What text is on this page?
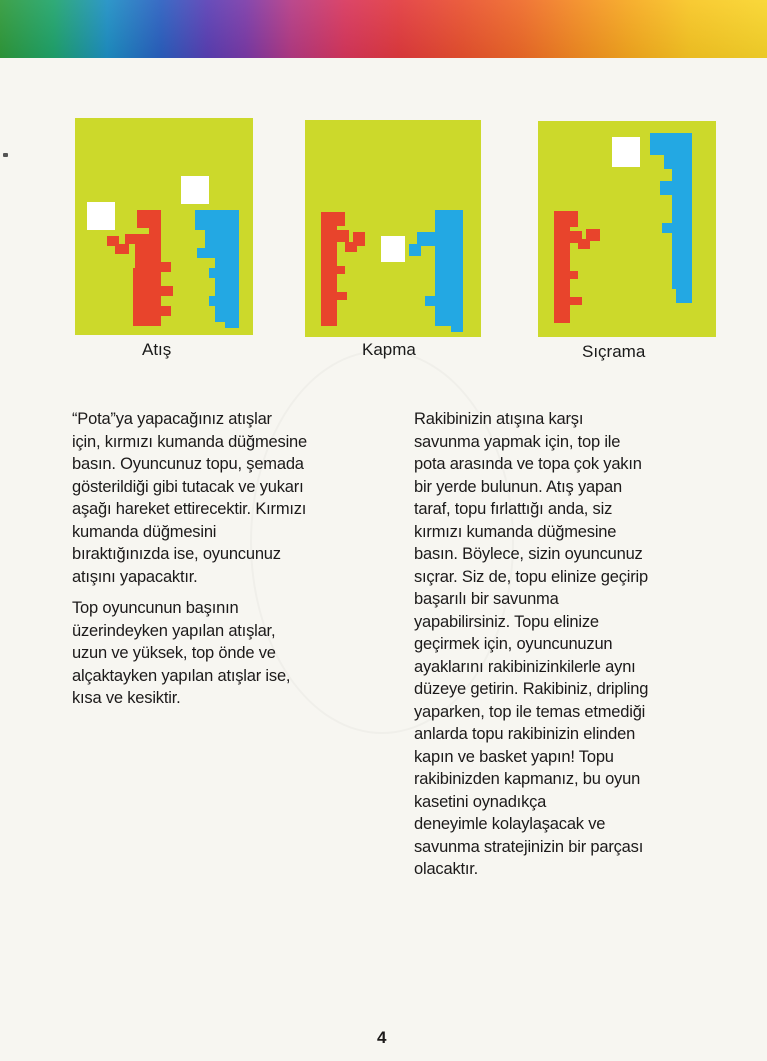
Atış	Kapma	Sıçrama

“Pota”ya yapacağınız atışlar
için, kırmızı kumanda düğmesine
basın. Oyuncunuz topu, şemada
gösterildiği gibi tutacak ve yukarı
aşağı hareket ettirecektir. Kırmızı
kumanda düğmesini
bıraktığınızda ise, oyuncunuz
atışını yapacaktır.

Top oyuncunun başının
üzerindeyken yapılan atışlar,
uzun ve yüksek, top önde ve
alçaktayken yapılan atışlar ise,
kısa ve kesiktir.

Rakibinizin atışına karşı
savunma yapmak için, top ile
pota arasında ve topa çok yakın
bir yerde bulunun. Atış yapan
taraf, topu fırlattığı anda, siz
kırmızı kumanda düğmesine
basın. Böylece, sizin oyuncunuz
sıçrar. Siz de, topu elinize geçirip
başarılı bir savunma
yapabilirsiniz. Topu elinize
geçirmek için, oyuncunuzun
ayaklarını rakibinizinkilerle aynı
düzeye getirin. Rakibiniz, dripling
yaparken, top ile temas etmediği
anlarda topu rakibinizin elinden
kapın ve basket yapın! Topu
rakibinizden kapmanız, bu oyun
kasetini oynadıkça
deneyimle kolaylaşacak ve
savunma stratejinizin bir parçası
olacaktır.

4
